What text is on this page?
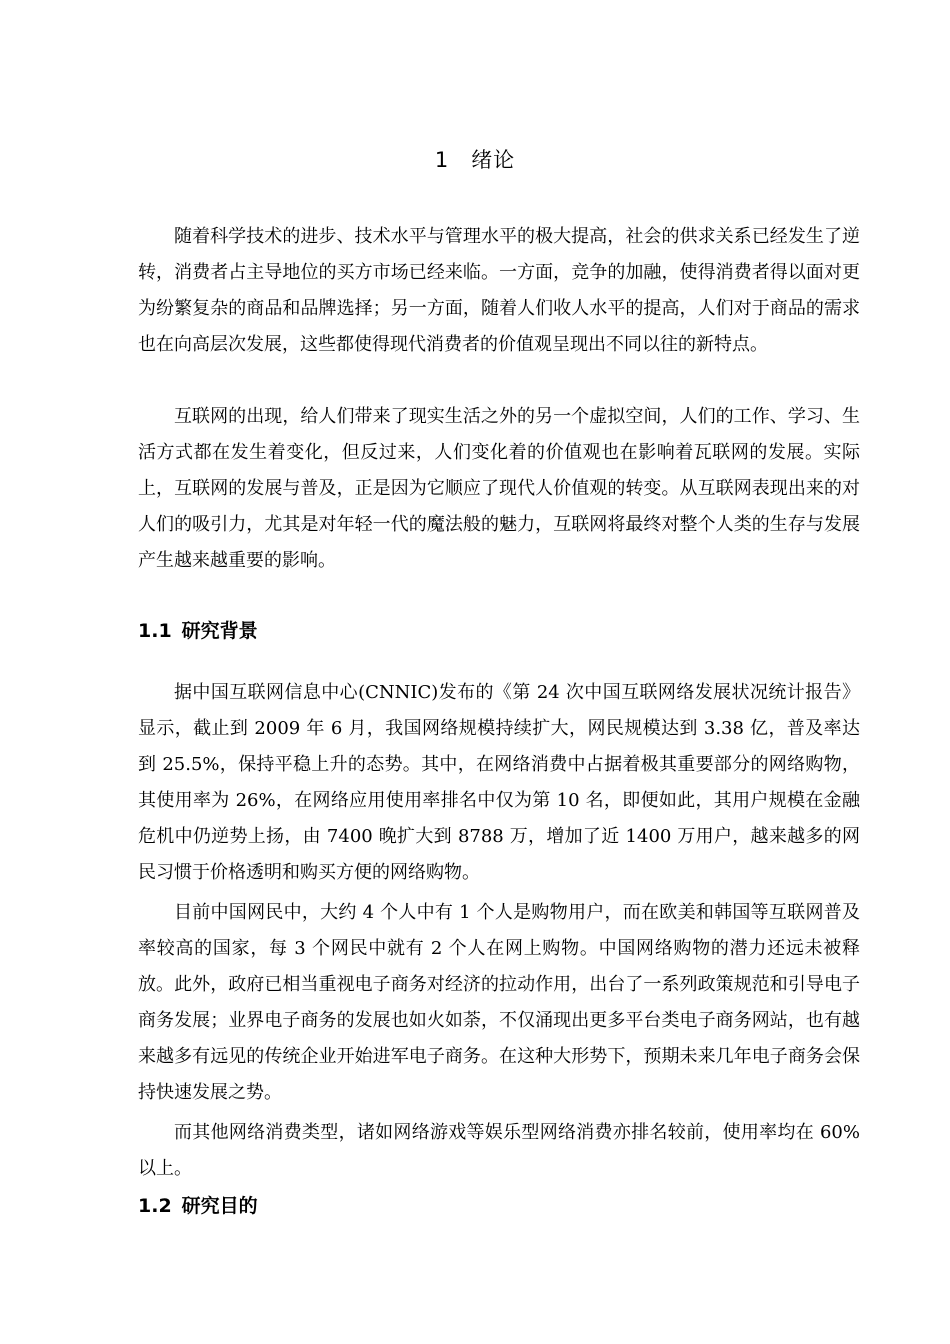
1 绪论

随着科学技术的进步、技术水平与管理水平的极大提高，社会的供求关系已经发生了逆转，消费者占主导地位的买方市场已经来临。一方面，竞争的加融，使得消费者得以面对更为纷繁复杂的商品和品牌选择；另一方面，随着人们收人水平的提高，人们对于商品的需求也在向高层次发展，这些都使得现代消费者的价值观呈现出不同以往的新特点。

互联网的出现，给人们带来了现实生活之外的另一个虚拟空间，人们的工作、学习、生活方式都在发生着变化，但反过来，人们变化着的价值观也在影响着瓦联网的发展。实际上，互联网的发展与普及，正是因为它顺应了现代人价值观的转变。从互联网表现出来的对人们的吸引力，尤其是对年轻一代的魔法般的魅力，互联网将最终对整个人类的生存与发展产生越来越重要的影响。

1.1 研究背景

据中国互联网信息中心(CNNIC)发布的《第 24 次中国互联网络发展状况统计报告》显示，截止到 2009 年 6 月，我国网络规模持续扩大，网民规模达到 3.38 亿，普及率达到 25.5%，保持平稳上升的态势。其中，在网络消费中占据着极其重要部分的网络购物，其使用率为 26%，在网络应用使用率排名中仅为第 10 名，即便如此，其用户规模在金融危机中仍逆势上扬，由 7400 晚扩大到 8788 万，增加了近 1400 万用户，越来越多的网民习惯于价格透明和购买方便的网络购物。

目前中国网民中，大约 4 个人中有 1 个人是购物用户，而在欧美和韩国等互联网普及率较高的国家，每 3 个网民中就有 2 个人在网上购物。中国网络购物的潜力还远未被释放。此外，政府已相当重视电子商务对经济的拉动作用，出台了一系列政策规范和引导电子商务发展；业界电子商务的发展也如火如荼，不仅涌现出更多平台类电子商务网站，也有越来越多有远见的传统企业开始进军电子商务。在这种大形势下，预期未来几年电子商务会保持快速发展之势。

而其他网络消费类型，诸如网络游戏等娱乐型网络消费亦排名较前，使用率均在 60%以上。

1.2 研究目的
